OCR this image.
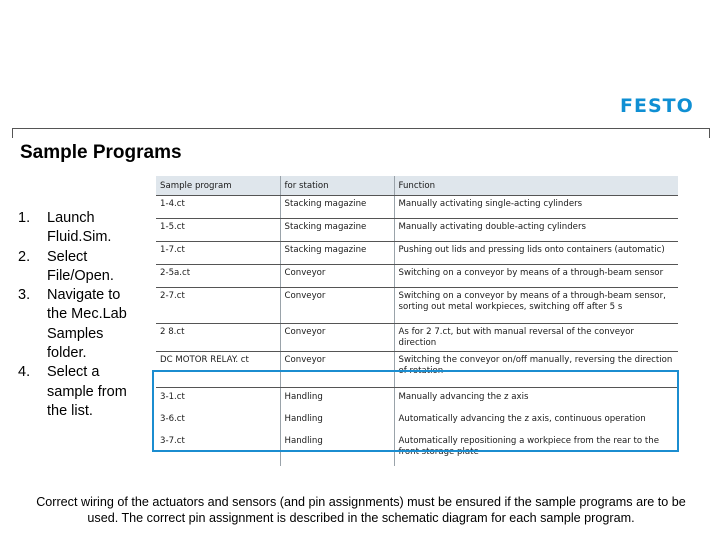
FESTO
Sample Programs
1.	Launch Fluid.Sim.
2.	Select File/Open.
3.	Navigate to the Mec.Lab Samples folder.
4.	Select a sample from the list.
Sample program	for station	Function
1-4.ct	Stacking magazine	Manually activating single-acting cylinders
1-5.ct	Stacking magazine	Manually activating double-acting cylinders
1-7.ct	Stacking magazine	Pushing out lids and pressing lids onto containers (automatic)
2-5a.ct	Conveyor	Switching on a conveyor by means of a through-beam sensor
2-7.ct	Conveyor	Switching on a conveyor by means of a through-beam sensor, sorting out metal workpieces, switching off after 5 s
2 8.ct	Conveyor	As for 2 7.ct, but with manual reversal of the conveyor direction
DC MOTOR RELAY. ct	Conveyor	Switching the conveyor on/off manually, reversing the direction of rotation
3-1.ct	Handling	Manually advancing the z axis
3-6.ct	Handling	Automatically advancing the z axis, continuous operation
3-7.ct	Handling	Automatically repositioning a workpiece from the rear to the front storage plate

Correct wiring of the actuators and sensors (and pin assignments) must be ensured if the sample programs are to be used. The correct pin assignment is described in the schematic diagram for each sample program.
